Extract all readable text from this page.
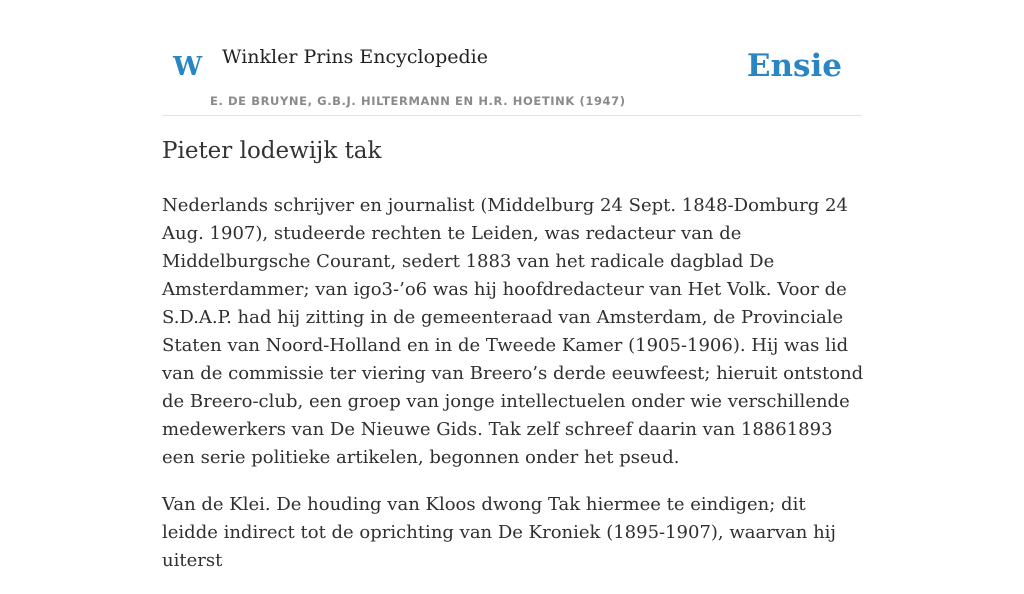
W Winkler Prins Encyclopedie
E. DE BRUYNE, G.B.J. HILTERMANN EN H.R. HOETINK (1947)
Ensie
Pieter lodewijk tak

Nederlands schrijver en journalist (Middelburg 24 Sept. 1848-Domburg 24 Aug. 1907), studeerde rechten te Leiden, was redacteur van de Middelburgsche Courant, sedert 1883 van het radicale dagblad De Amsterdammer; van igo3-’o6 was hij hoofdredacteur van Het Volk. Voor de S.D.A.P. had hij zitting in de gemeenteraad van Amsterdam, de Provinciale Staten van Noord-Holland en in de Tweede Kamer (1905-1906). Hij was lid van de commissie ter viering van Breero’s derde eeuwfeest; hieruit ontstond de Breero-club, een groep van jonge intellectuelen onder wie verschillende medewerkers van De Nieuwe Gids. Tak zelf schreef daarin van 18861893 een serie politieke artikelen, begonnen onder het pseud.

Van de Klei. De houding van Kloos dwong Tak hiermee te eindigen; dit leidde indirect tot de oprichting van De Kroniek (1895-1907), waarvan hij uiterst
